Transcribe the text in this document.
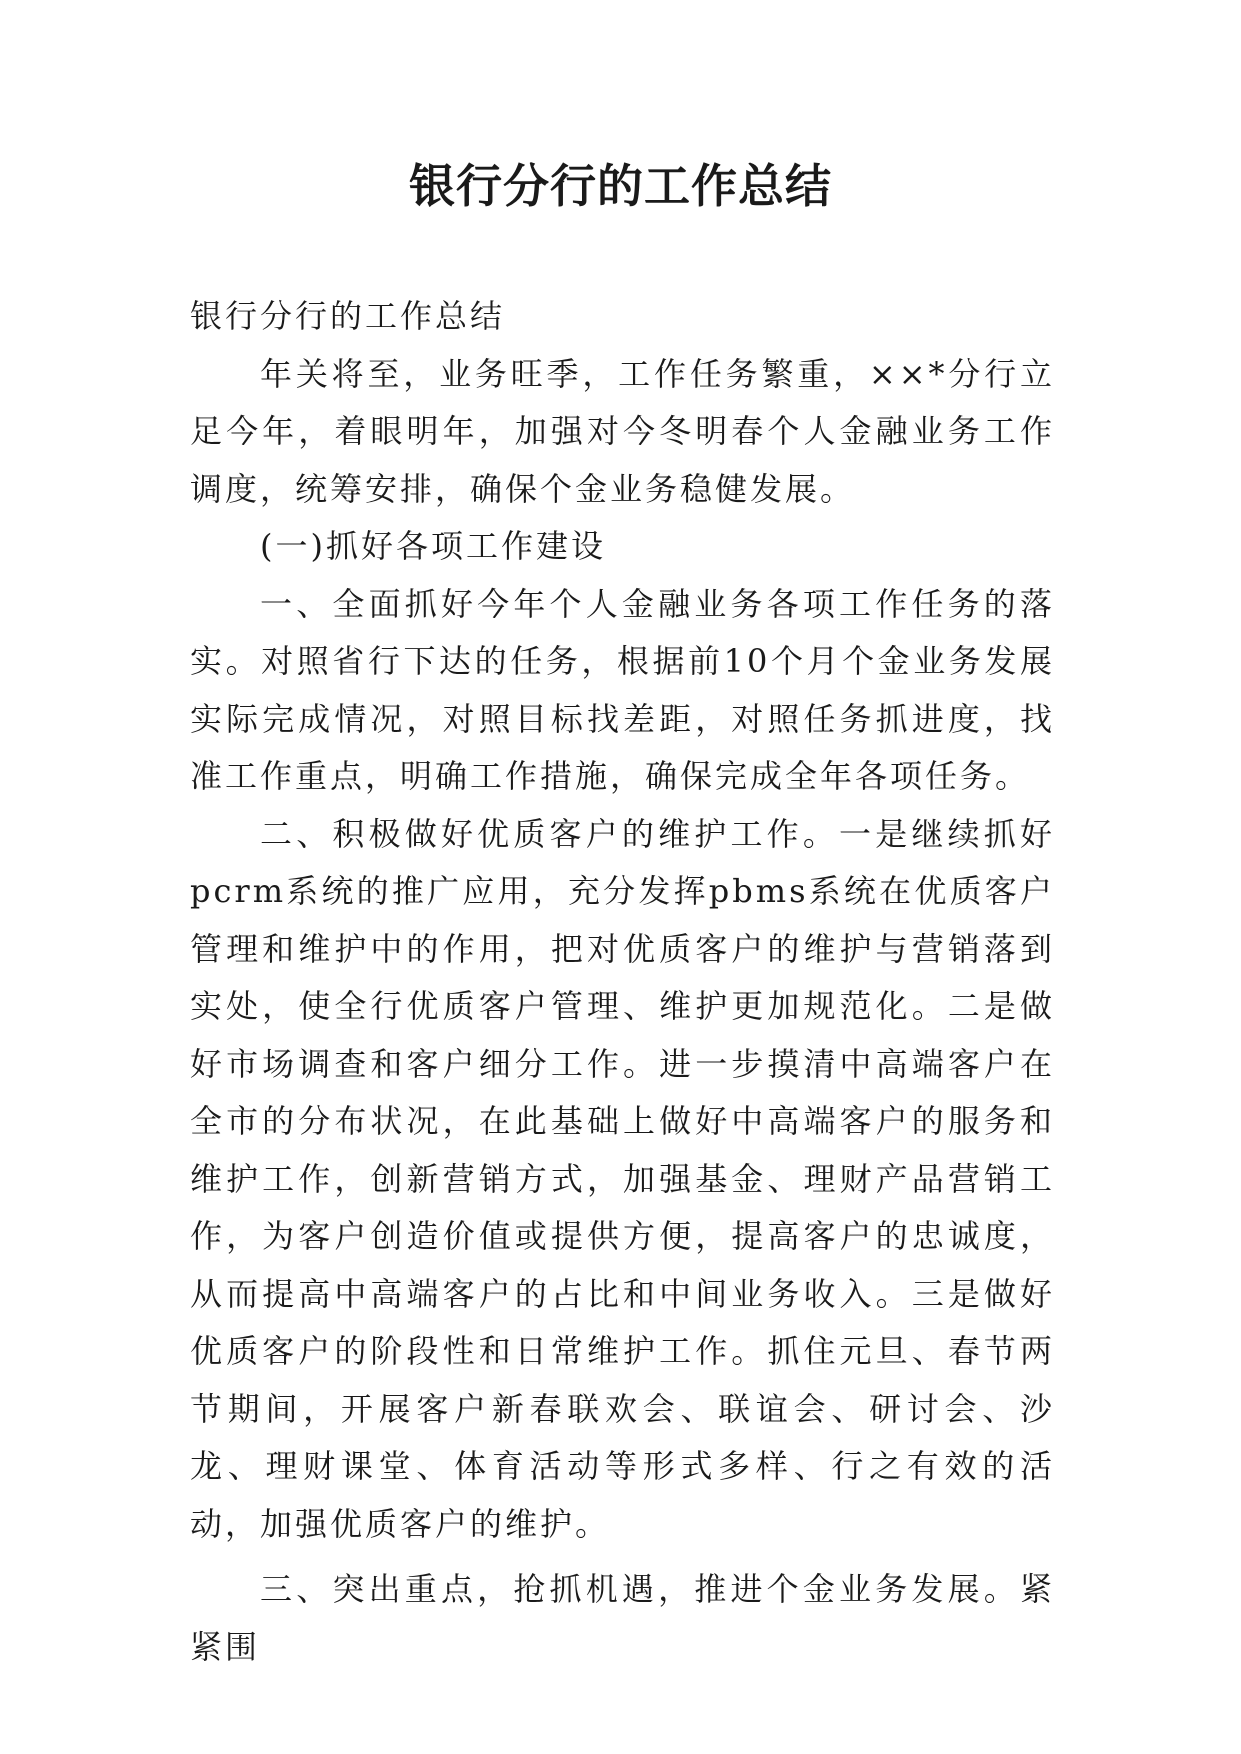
银行分行的工作总结

银行分行的工作总结

年关将至，业务旺季，工作任务繁重，××*分行立足今年，着眼明年，加强对今冬明春个人金融业务工作调度，统筹安排，确保个金业务稳健发展。

(一)抓好各项工作建设

一、全面抓好今年个人金融业务各项工作任务的落实。对照省行下达的任务，根据前10个月个金业务发展实际完成情况，对照目标找差距，对照任务抓进度，找准工作重点，明确工作措施，确保完成全年各项任务。

二、积极做好优质客户的维护工作。一是继续抓好pcrm系统的推广应用，充分发挥pbms系统在优质客户管理和维护中的作用，把对优质客户的维护与营销落到实处，使全行优质客户管理、维护更加规范化。二是做好市场调查和客户细分工作。进一步摸清中高端客户在全市的分布状况，在此基础上做好中高端客户的服务和维护工作，创新营销方式，加强基金、理财产品营销工作，为客户创造价值或提供方便，提高客户的忠诚度，从而提高中高端客户的占比和中间业务收入。三是做好优质客户的阶段性和日常维护工作。抓住元旦、春节两节期间，开展客户新春联欢会、联谊会、研讨会、沙龙、理财课堂、体育活动等形式多样、行之有效的活动，加强优质客户的维护。

三、突出重点，抢抓机遇，推进个金业务发展。紧紧围
